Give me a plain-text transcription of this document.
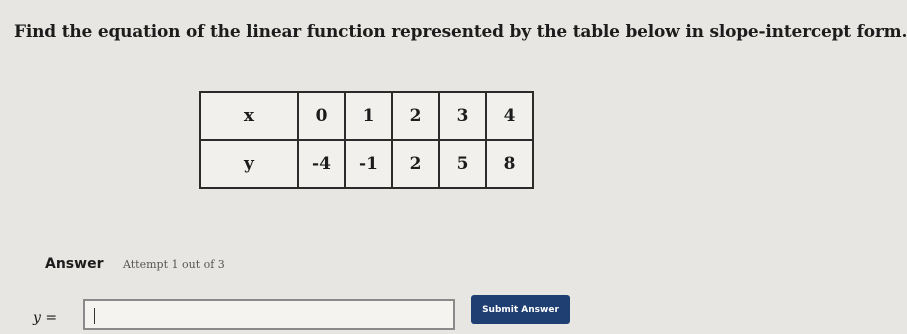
Find the equation of the linear function represented by the table below in slope-intercept form.
x	0	1	2	3	4
y	-4	-1	2	5	8
Answer Attempt 1 out of 3
y =
Submit Answer
